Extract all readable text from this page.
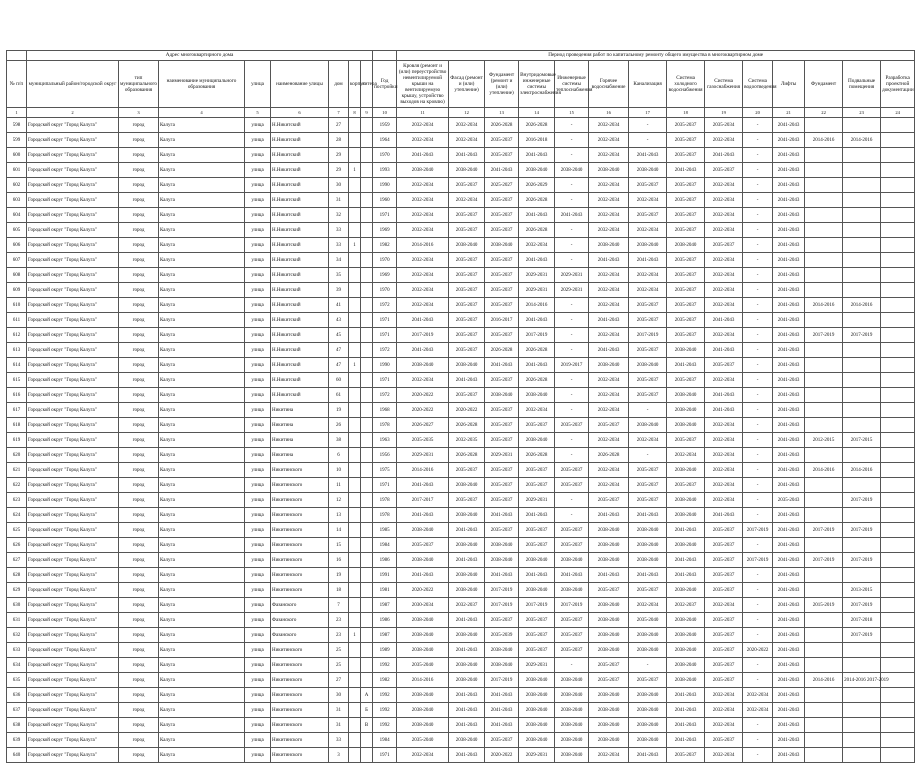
	Адрес многоквартирного дома									Период проведения работ по капитальному ремонту общего имущества в многоквартирном доме													
№ п/п	муниципальный район/городской округ	тип муниципального образования	наименование муниципального образования	улица	наименование улицы	дом	корпус	литера	Год постройки	Кровля (ремонт и (или) переустройство невентилируемой крыши на вентилируемую крышу, устройство выходов на кровлю)	Фасад (ремонт и (или) утепление)	Фундамент (ремонт и (или) утепление)	Внутридомовые инженерные системы электроснабжения	Инженерные системы теплоснабжения	Горячее водоснабжение	Канализация	Система холодного водоснабжения	Система газоснабжения	Система водоотведения	Лифты	Фундамент	Подвальные помещения	Разработка проектной документации
1	2	3	4	5	6	7	8	9	10	11	12	13	14	15	16	17	18	19	20	21	22	23	24
598	Городской округ "Город Калуга"	город	Калуга	улица	Н.Никитский	27			1959	2032-2034	2032-2034	2026-2028	2026-2028	-	2032-2034	-	2035-2037	2035-2034	-	2041-2043			
599	Городской округ "Город Калуга"	город	Калуга	улица	Н.Никитский	28			1964	2032-2034	2032-2034	2035-2037	2016-2018	-	2032-2034	-	2035-2037	2032-2034	-	2041-2043	2014-2016	2014-2016	
600	Городской округ "Город Калуга"	город	Калуга	улица	Н.Никитский	29			1970	2041-2043	2041-2043	2035-2037	2041-2043	-	2032-2034	2041-2043	2035-2037	2041-2043	-	2041-2043			
601	Городской округ "Город Калуга"	город	Калуга	улица	Н.Никитский	29	1		1993	2038-2040	2038-2040	2041-2043	2038-2040	2038-2040	2038-2040	2038-2040	2041-2043	2035-2037	-	2041-2043			
602	Городской округ "Город Калуга"	город	Калуга	улица	Н.Никитский	30			1990	2032-2034	2035-2037	2025-2027	2026-2029	-	2032-2034	2035-2037	2035-2037	2032-2034	-	2041-2043			
603	Городской округ "Город Калуга"	город	Калуга	улица	Н.Никитский	31			1960	2032-2034	2032-2034	2035-2037	2026-2028	-	2032-2034	2032-2034	2035-2037	2032-2034	-	2041-2043			
604	Городской округ "Город Калуга"	город	Калуга	улица	Н.Никитский	32			1971	2032-2034	2035-2037	2035-2037	2041-2043	2041-2043	2032-2034	2035-2037	2035-2037	2032-2034	-	2041-2043			
605	Городской округ "Город Калуга"	город	Калуга	улица	Н.Никитский	33			1969	2032-2034	2035-2037	2035-2037	2026-2028	-	2032-2034	2032-2034	2035-2037	2032-2034	-	2041-2043			
606	Городской округ "Город Калуга"	город	Калуга	улица	Н.Никитский	33	1		1982	2014-2016	2038-2040	2038-2040	2032-2034	-	2038-2040	2038-2040	2038-2040	2035-2037	-	2041-2043			
607	Городской округ "Город Калуга"	город	Калуга	улица	Н.Никитский	34			1970	2032-2034	2035-2037	2035-2037	2041-2043	-	2041-2043	2041-2043	2035-2037	2032-2034	-	2041-2043			
608	Городской округ "Город Калуга"	город	Калуга	улица	Н.Никитский	35			1969	2032-2034	2035-2037	2035-2037	2029-2031	2029-2031	2032-2034	2032-2034	2035-2037	2032-2034	-	2041-2043			
609	Городской округ "Город Калуга"	город	Калуга	улица	Н.Никитский	39			1970	2032-2034	2035-2037	2035-2037	2029-2031	2029-2031	2032-2034	2032-2034	2035-2037	2032-2034	-	2041-2043			
610	Городской округ "Город Калуга"	город	Калуга	улица	Н.Никитский	41			1972	2032-2034	2035-2037	2035-2037	2014-2016	-	2032-2034	2035-2037	2035-2037	2032-2034	-	2041-2043	2014-2016	2014-2016	
611	Городской округ "Город Калуга"	город	Калуга	улица	Н.Никитский	43			1971	2041-2043	2035-2037	2016-2017	2041-2043	-	2041-2043	2035-2037	2035-2037	2041-2043	-	2041-2043			
612	Городской округ "Город Калуга"	город	Калуга	улица	Н.Никитский	45			1971	2017-2019	2035-2037	2035-2037	2017-2019	-	2032-2034	2017-2019	2035-2037	2032-2034	-	2041-2043	2017-2019	2017-2019	
613	Городской округ "Город Калуга"	город	Калуга	улица	Н.Никитский	47			1972	2041-2043	2035-2037	2026-2028	2026-2028	-	2041-2043	2035-2037	2038-2040	2041-2043	-	2041-2043			
614	Городской округ "Город Калуга"	город	Калуга	улица	Н.Никитский	47	1		1990	2038-2040	2038-2040	2041-2043	2041-2043	2019-2017	2038-2040	2038-2040	2041-2043	2035-2037	-	2041-2043			
615	Городской округ "Город Калуга"	город	Калуга	улица	Н.Никитский	60			1971	2032-2034	2041-2043	2035-2037	2026-2028	-	2032-2034	2035-2037	2035-2037	2032-2034	-	2041-2043			
616	Городской округ "Город Калуга"	город	Калуга	улица	Н.Никитский	61			1972	2020-2022	2035-2037	2038-2040	2038-2040	-	2032-2034	2035-2037	2038-2040	2041-2043	-	2041-2043			
617	Городской округ "Город Калуга"	город	Калуга	улица	Никитина	19			1968	2020-2022	2020-2022	2035-2037	2032-2034	-	2032-2034	-	2038-2040	2041-2043	-	2041-2043			
618	Городской округ "Город Калуга"	город	Калуга	улица	Никитина	26			1978	2026-2027	2026-2028	2035-2037	2035-2037	2035-2037	2035-2037	2038-2040	2038-2040	2032-2034	-	2041-2043			
619	Городской округ "Город Калуга"	город	Калуга	улица	Никитина	38			1963	2035-2035	2032-2035	2035-2037	2038-2040	-	2032-2034	2032-2034	2035-2037	2032-2034	-	2041-2043	2012-2015	2017-2015	
620	Городской округ "Город Калуга"	город	Калуга	улица	Никитина	6			1956	2029-2031	2026-2028	2029-2031	2026-2028	-	2026-2028	-	2032-2034	2032-2034	-	2041-2043			
621	Городской округ "Город Калуга"	город	Калуга	улица	Никитинского	10			1975	2014-2016	2035-2037	2035-2037	2035-2037	2035-2037	2032-2034	2035-2037	2038-2040	2032-2034	-	2041-2043	2014-2016	2014-2016	
622	Городской округ "Город Калуга"	город	Калуга	улица	Никитинского	11			1971	2041-2043	2038-2040	2035-2037	2035-2037	2035-2037	2032-2034	2035-2037	2035-2037	2032-2034	-	2041-2043			
623	Городской округ "Город Калуга"	город	Калуга	улица	Никитинского	12			1978	2017-2017	2035-2037	2035-2037	2029-2031	-	2035-2037	2035-2037	2038-2040	2032-2034	-	2035-2043		2017-2019	
624	Городской округ "Город Калуга"	город	Калуга	улица	Никитинского	13			1978	2041-2043	2038-2040	2041-2043	2041-2043	-	2041-2043	2041-2043	2038-2040	2041-2043	-	2041-2043			
625	Городской округ "Город Калуга"	город	Калуга	улица	Никитинского	14			1985	2038-2040	2041-2043	2035-2037	2035-2037	2035-2037	2038-2040	2038-2040	2041-2043	2035-2037	2017-2019	2041-2043	2017-2019	2017-2019	
626	Городской округ "Город Калуга"	город	Калуга	улица	Никитинского	15			1984	2035-2037	2038-2040	2038-2040	2035-2037	2035-2037	2038-2040	2038-2040	2038-2040	2035-2037	-	2041-2043			
627	Городской округ "Город Калуга"	город	Калуга	улица	Никитинского	16			1986	2038-2040	2041-2043	2038-2040	2038-2040	2038-2040	2038-2040	2038-2040	2041-2043	2035-2037	2017-2019	2041-2043	2017-2019	2017-2019	
628	Городской округ "Город Калуга"	город	Калуга	улица	Никитинского	19			1991	2041-2043	2038-2040	2041-2043	2041-2043	2041-2043	2041-2043	2041-2043	2041-2043	2035-2037	-	2041-2043			
629	Городской округ "Город Калуга"	город	Калуга	улица	Никитинского	18			1981	2020-2022	2038-2040	2017-2019	2038-2040	2038-2040	2035-2037	2035-2037	2038-2040	2035-2037	-	2041-2043		2013-2015	
630	Городской округ "Город Калуга"	город	Калуга	улица	Фазанского	7			1987	2030-2034	2032-2037	2017-2019	2017-2019	2017-2019	2038-2040	2032-2034	2032-2037	2032-2034	-	2041-2043	2015-2019	2017-2019	
631	Городской округ "Город Калуга"	город	Калуга	улица	Фазанского	23			1986	2038-2040	2041-2043	2035-2037	2035-2037	2035-2037	2038-2040	2035-2040	2038-2040	2035-2037	-	2041-2043		2017-2018	
632	Городской округ "Город Калуга"	город	Калуга	улица	Фазанского	23	1		1987	2038-2040	2038-2040	2035-2039	2035-2037	2035-2037	2038-2040	2038-2040	2038-2040	2035-2037	-	2041-2043		2017-2019	
633	Городской округ "Город Калуга"	город	Калуга	улица	Никитинского	25			1989	2038-2040	2041-2043	2038-2040	2035-2037	2035-2037	2038-2040	2038-2040	2038-2040	2035-2037	2020-2022	2041-2043			
634	Городской округ "Город Калуга"	город	Калуга	улица	Никитинского	25			1992	2035-2040	2038-2040	2038-2040	2029-2031	-	2035-2037	-	2038-2040	2035-2037	-	2041-2043			
635	Городской округ "Город Калуга"	город	Калуга	улица	Никитинского	27			1982	2014-2016	2038-2040	2017-2019	2038-2040	2038-2040	2035-2037	2035-2037	2038-2040	2035-2037	-	2041-2043	2014-2016	2014-2016 2017-2019	
636	Городской округ "Город Калуга"	город	Калуга	улица	Никитинского	30		А	1992	2038-2040	2041-2043	2041-2043	2038-2040	2038-2040	2038-2040	2038-2040	2041-2043	2032-2034	2032-2034	2041-2043			
637	Городской округ "Город Калуга"	город	Калуга	улица	Никитинского	31		Б	1992	2038-2040	2041-2043	2041-2043	2038-2040	2038-2040	2038-2040	2038-2040	2041-2043	2032-2034	2032-2034	2041-2043			
638	Городской округ "Город Калуга"	город	Калуга	улица	Никитинского	31		В	1992	2038-2040	2041-2043	2041-2043	2038-2040	2038-2040	2038-2040	2038-2040	2041-2043	2032-2034	-	2041-2043			
639	Городской округ "Город Калуга"	город	Калуга	улица	Никитинского	33			1984	2035-2040	2038-2040	2035-2037	2038-2040	2038-2040	2038-2040	2038-2040	2041-2043	2035-2037	-	2041-2043			
640	Городской округ "Город Калуга"	город	Калуга	улица	Никитинского	3			1971	2032-2034	2041-2043	2020-2022	2029-2031	2038-2040	2032-2034	2041-2043	2035-2037	2032-2034	-	2041-2043			
